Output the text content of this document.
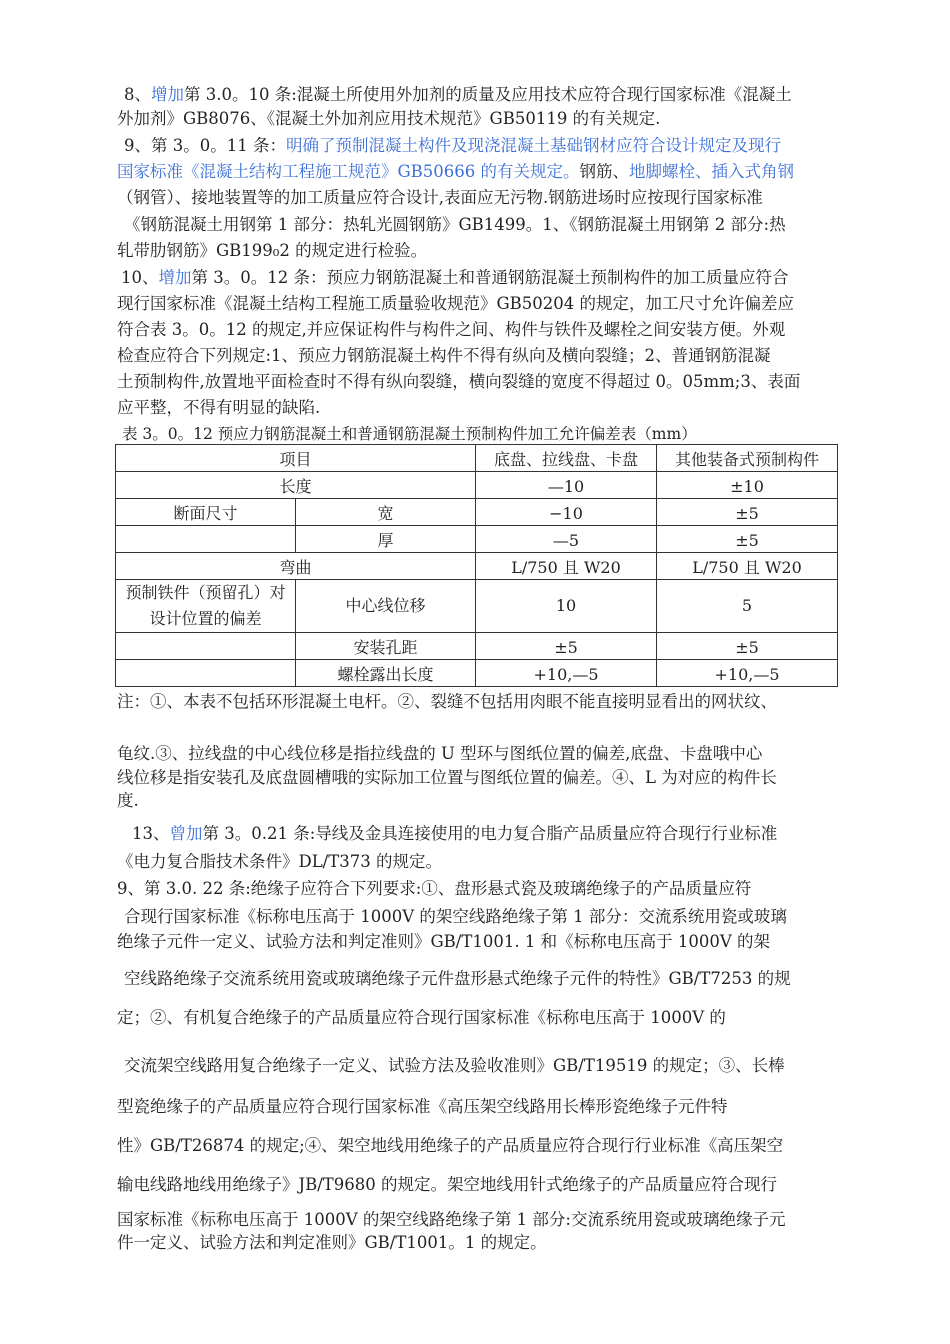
8、增加第 3.0。10 条:混凝土所使用外加剂的质量及应用技术应符合现行国家标准《混凝土
外加剂》GB8076、《混凝土外加剂应用技术规范》GB50119 的有关规定.
9、第 3。0。11 条：明确了预制混凝土构件及现浇混凝土基础钢材应符合设计规定及现行
国家标准《混凝土结构工程施工规范》GB50666 的有关规定。钢筋、地脚螺栓、插入式角钢
（钢管）、接地装置等的加工质量应符合设计,表面应无污物.钢筋进场时应按现行国家标准
《钢筋混凝土用钢第 1 部分：热轧光圆钢筋》GB1499。1、《钢筋混凝土用钢第 2 部分:热
轧带肋钢筋》GB199₀2 的规定进行检验。
10、增加第 3。0。12 条：预应力钢筋混凝土和普通钢筋混凝土预制构件的加工质量应符合
现行国家标准《混凝土结构工程施工质量验收规范》GB50204 的规定，加工尺寸允许偏差应
符合表 3。0。12 的规定,并应保证构件与构件之间、构件与铁件及螺栓之间安装方便。外观
检查应符合下列规定:1、预应力钢筋混凝土构件不得有纵向及横向裂缝；2、普通钢筋混凝
土预制构件,放置地平面检查时不得有纵向裂缝，横向裂缝的宽度不得超过 0。05mm;3、表面
应平整，不得有明显的缺陷.
表 3。0。12 预应力钢筋混凝土和普通钢筋混凝土预制构件加工允许偏差表（mm）
项目		底盘、拉线盘、卡盘	其他装备式预制构件
长度		—10	±10
断面尺寸	宽	−10	±5
	厚	—5	±5
弯曲		L/750 且 W20	L/750 且 W20
预制铁件（预留孔）对设计位置的偏差	中心线位移	10	5
	安装孔距	±5	±5
	螺栓露出长度	+10,—5	+10,—5
注：①、本表不包括环形混凝土电杆。②、裂缝不包括用肉眼不能直接明显看出的网状纹、
龟纹.③、拉线盘的中心线位移是指拉线盘的 U 型环与图纸位置的偏差,底盘、卡盘哦中心
线位移是指安装孔及底盘圆槽哦的实际加工位置与图纸位置的偏差。④、L 为对应的构件长
度.
13、曾加第 3。0.21 条:导线及金具连接使用的电力复合脂产品质量应符合现行行业标准
《电力复合脂技术条件》DL/T373 的规定。
9、第 3.0. 22 条:绝缘子应符合下列要求:①、盘形悬式瓷及玻璃绝缘子的产品质量应符
合现行国家标准《标称电压高于 1000V 的架空线路绝缘子第 1 部分：交流系统用瓷或玻璃
绝缘子元件一定义、试验方法和判定准则》GB/T1001. 1 和《标称电压高于 1000V 的架
空线路绝缘子交流系统用瓷或玻璃绝缘子元件盘形悬式绝缘子元件的特性》GB/T7253 的规
定；②、有机复合绝缘子的产品质量应符合现行国家标准《标称电压高于 1000V 的
交流架空线路用复合绝缘子一定义、试验方法及验收准则》GB/T19519 的规定；③、长棒
型瓷绝缘子的产品质量应符合现行国家标准《高压架空线路用长棒形瓷绝缘子元件特
性》GB/T26874 的规定;④、架空地线用绝缘子的产品质量应符合现行行业标准《高压架空
输电线路地线用绝缘子》JB/T9680 的规定。架空地线用针式绝缘子的产品质量应符合现行
国家标准《标称电压高于 1000V 的架空线路绝缘子第 1 部分:交流系统用瓷或玻璃绝缘子元
件一定义、试验方法和判定准则》GB/T1001。1 的规定。
